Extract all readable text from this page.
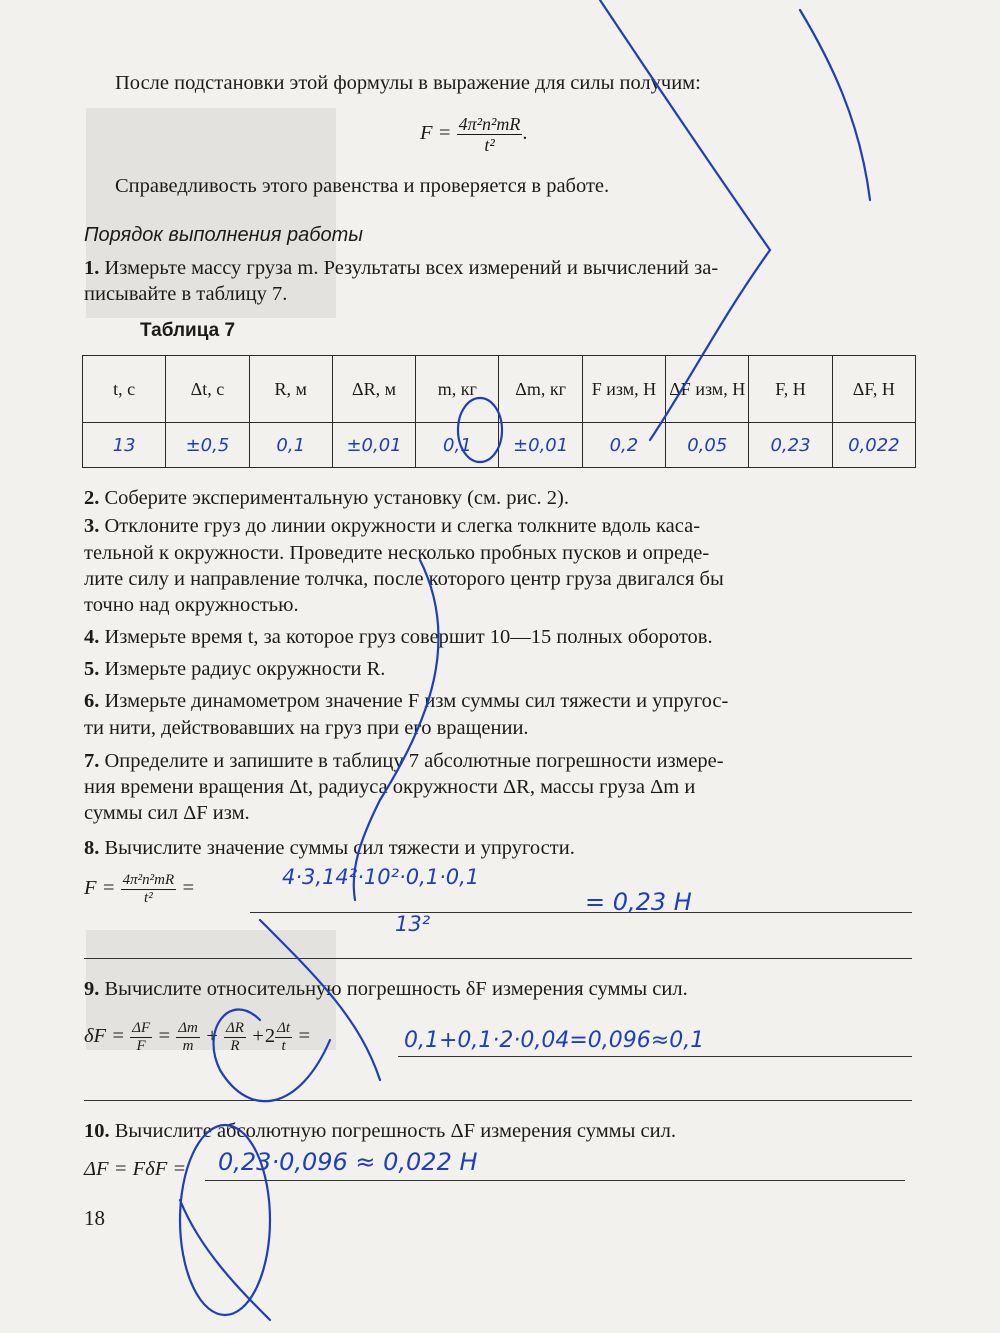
После подстановки этой формулы в выражение для силы получим:
$F = \frac{\text{4π²n²mR}}{\text{t²}}$ .
Справедливость этого равенства и проверяется в работе.
Порядок выполнения работы
1. Измерьте массу груза m. Результаты всех измерений и вычислений за-
писывайте в таблицу 7.
Таблица 7
t, с	Δt, с	R, м	ΔR, м	m, кг	Δm, кг	F изм, Н	ΔF изм, Н	F, Н	ΔF, Н
13	±0,5	0,1	±0,01	0,1	±0,01	0,2	0,05	0,23	0,022
2. Соберите экспериментальную установку (см. рис. 2).
3. Отклоните груз до линии окружности и слегка толкните вдоль каса-
тельной к окружности. Проведите несколько пробных пусков и опреде-
лите силу и направление толчка, после которого центр груза двигался бы
точно над окружностью.
4. Измерьте время t, за которое груз совершит 10—15 полных оборотов.
5. Измерьте радиус окружности R.
6. Измерьте динамометром значение F изм суммы сил тяжести и упругос-
ти нити, действовавших на груз при его вращении.
7. Определите и запишите в таблицу 7 абсолютные погрешности измере-
ния времени вращения Δt, радиуса окружности ΔR, массы груза Δm и
суммы сил ΔF изм.
8. Вычислите значение суммы сил тяжести и упругости.
$F = \frac{\text{4π²n²mR}}{\text{t²}}$ =	4·3,14²·10²·0,1·0,1
13²
= 0,23 Н
9. Вычислите относительную погрешность δF измерения суммы сил.
$\delta F = \frac{\Delta F}{F} = \frac{\Delta m}{m} + \frac{\Delta R}{R} +2 \frac{\Delta t}{t}$ =	0,1+0,1·2·0,04=0,096≈0,1
10. Вычислите абсолютную погрешность ΔF измерения суммы сил.
ΔF = FδF = 0,23·0,096 ≈ 0,022 Н
18
